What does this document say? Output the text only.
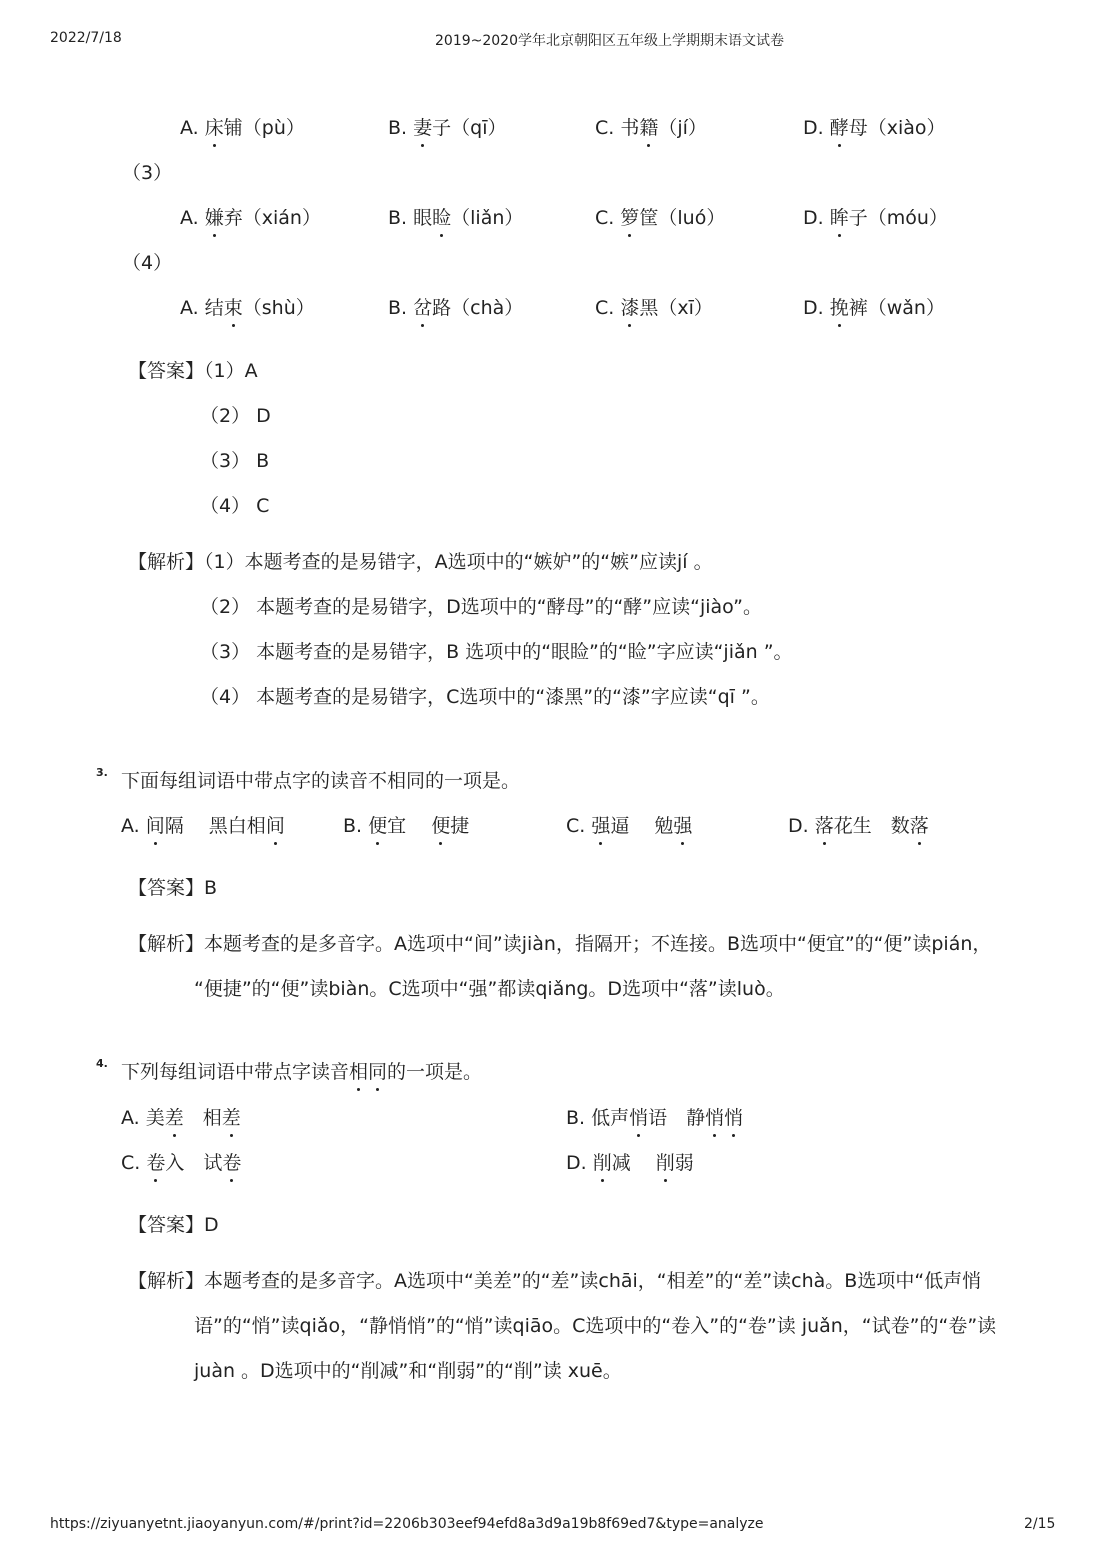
2022/7/18	2019~2020学年北京朝阳区五年级上学期期末语文试卷
A. 床铺（pù）	B. 妻子（qī）	C. 书籍（jí）	D. 酵母（xiào）
（3）
A. 嫌弃（xián）	B. 眼睑（liǎn）	C. 箩筐（luó）	D. 眸子（móu）
（4）
A. 结束（shù）	B. 岔路（chà）	C. 漆黑（xī）	D. 挽裤（wǎn）
【答案】（1）A
（2） D
（3） B
（4） C
【解析】（1）本题考查的是易错字，A选项中的“嫉妒”的“嫉”应读jí 。
（2） 本题考查的是易错字，D选项中的“酵母”的“酵”应读“jiào”。
（3） 本题考查的是易错字，B 选项中的“眼睑”的“睑”字应读“jiǎn ”。
（4） 本题考查的是易错字，C选项中的“漆黑”的“漆”字应读“qī ”。
3. 下面每组词语中带点字的读音不相同的一项是。
A. 间隔　 黑白相间	B. 便宜　 便捷	C. 强逼　 勉强	D. 落花生　数落
【答案】B
【解析】本题考查的是多音字。A选项中“间”读jiàn，指隔开；不连接。B选项中“便宜”的“便”读pián，
“便捷”的“便”读biàn。C选项中“强”都读qiǎng。D选项中“落”读luò。
4. 下列每组词语中带点字读音相同的一项是。
A. 美差　相差	B. 低声悄语　静悄悄
C. 卷入　试卷	D. 削减　 削弱
【答案】D
【解析】本题考查的是多音字。A选项中“美差”的“差”读chāi，“相差”的“差”读chà。B选项中“低声悄
语”的“悄”读qiǎo，“静悄悄”的“悄”读qiāo。C选项中的“卷入”的“卷”读 juǎn，“试卷”的“卷”读
juàn 。D选项中的“削减”和“削弱”的“削”读 xuē。
https://ziyuanyetnt.jiaoyanyun.com/#/print?id=2206b303eef94efd8a3d9a19b8f69ed7&type=analyze	2/15
